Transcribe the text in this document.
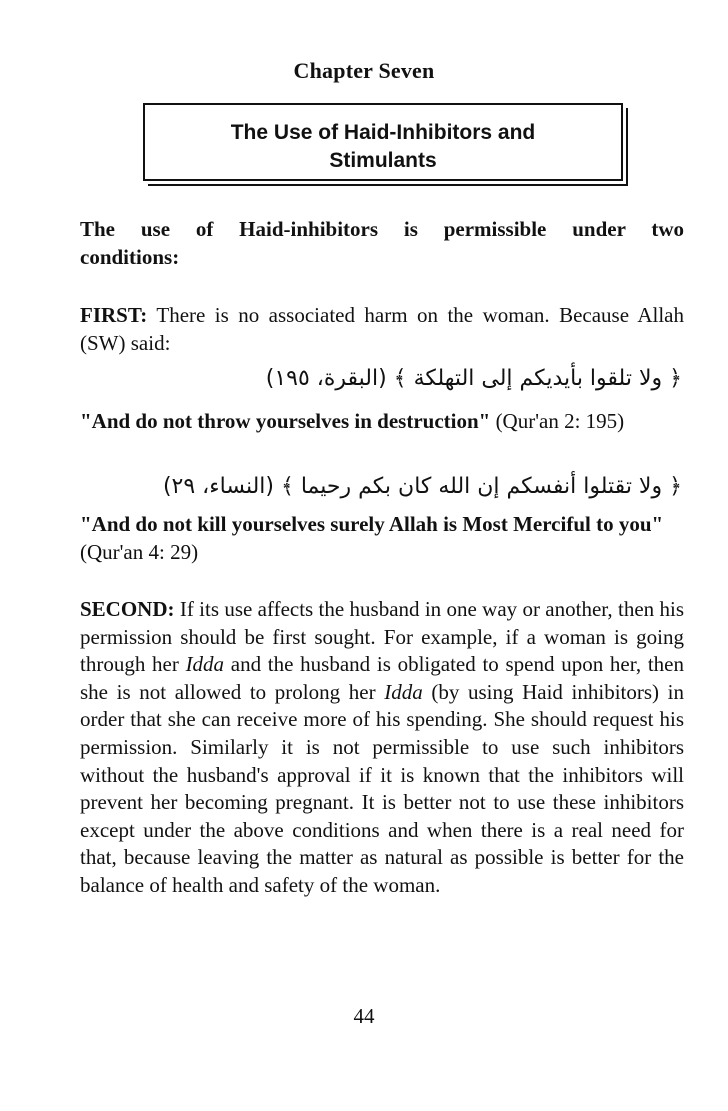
Chapter Seven
The Use of Haid-Inhibitors and
Stimulants
The use of Haid-inhibitors is permissible under two conditions:
FIRST: There is no associated harm on the woman. Because Allah (SW) said:
﴿ ولا تلقوا بأيديكم إلى التهلكة ﴾ (البقرة، ١٩٥)
"And do not throw yourselves in destruction" (Qur'an 2: 195)
﴿ ولا تقتلوا أنفسكم إن الله كان بكم رحيما ﴾ (النساء، ٢٩)
"And do not kill yourselves surely Allah is Most Merciful to you" (Qur'an 4: 29)
SECOND: If its use affects the husband in one way or another, then his permission should be first sought. For example, if a woman is going through her Idda and the husband is obligated to spend upon her, then she is not allowed to prolong her Idda (by using Haid inhibitors) in order that she can receive more of his spending. She should request his permission. Similarly it is not permissible to use such inhibitors without the husband's approval if it is known that the inhibitors will prevent her becoming pregnant. It is better not to use these inhibitors except under the above conditions and when there is a real need for that, because leaving the matter as natural as possible is better for the balance of health and safety of the woman.
44
